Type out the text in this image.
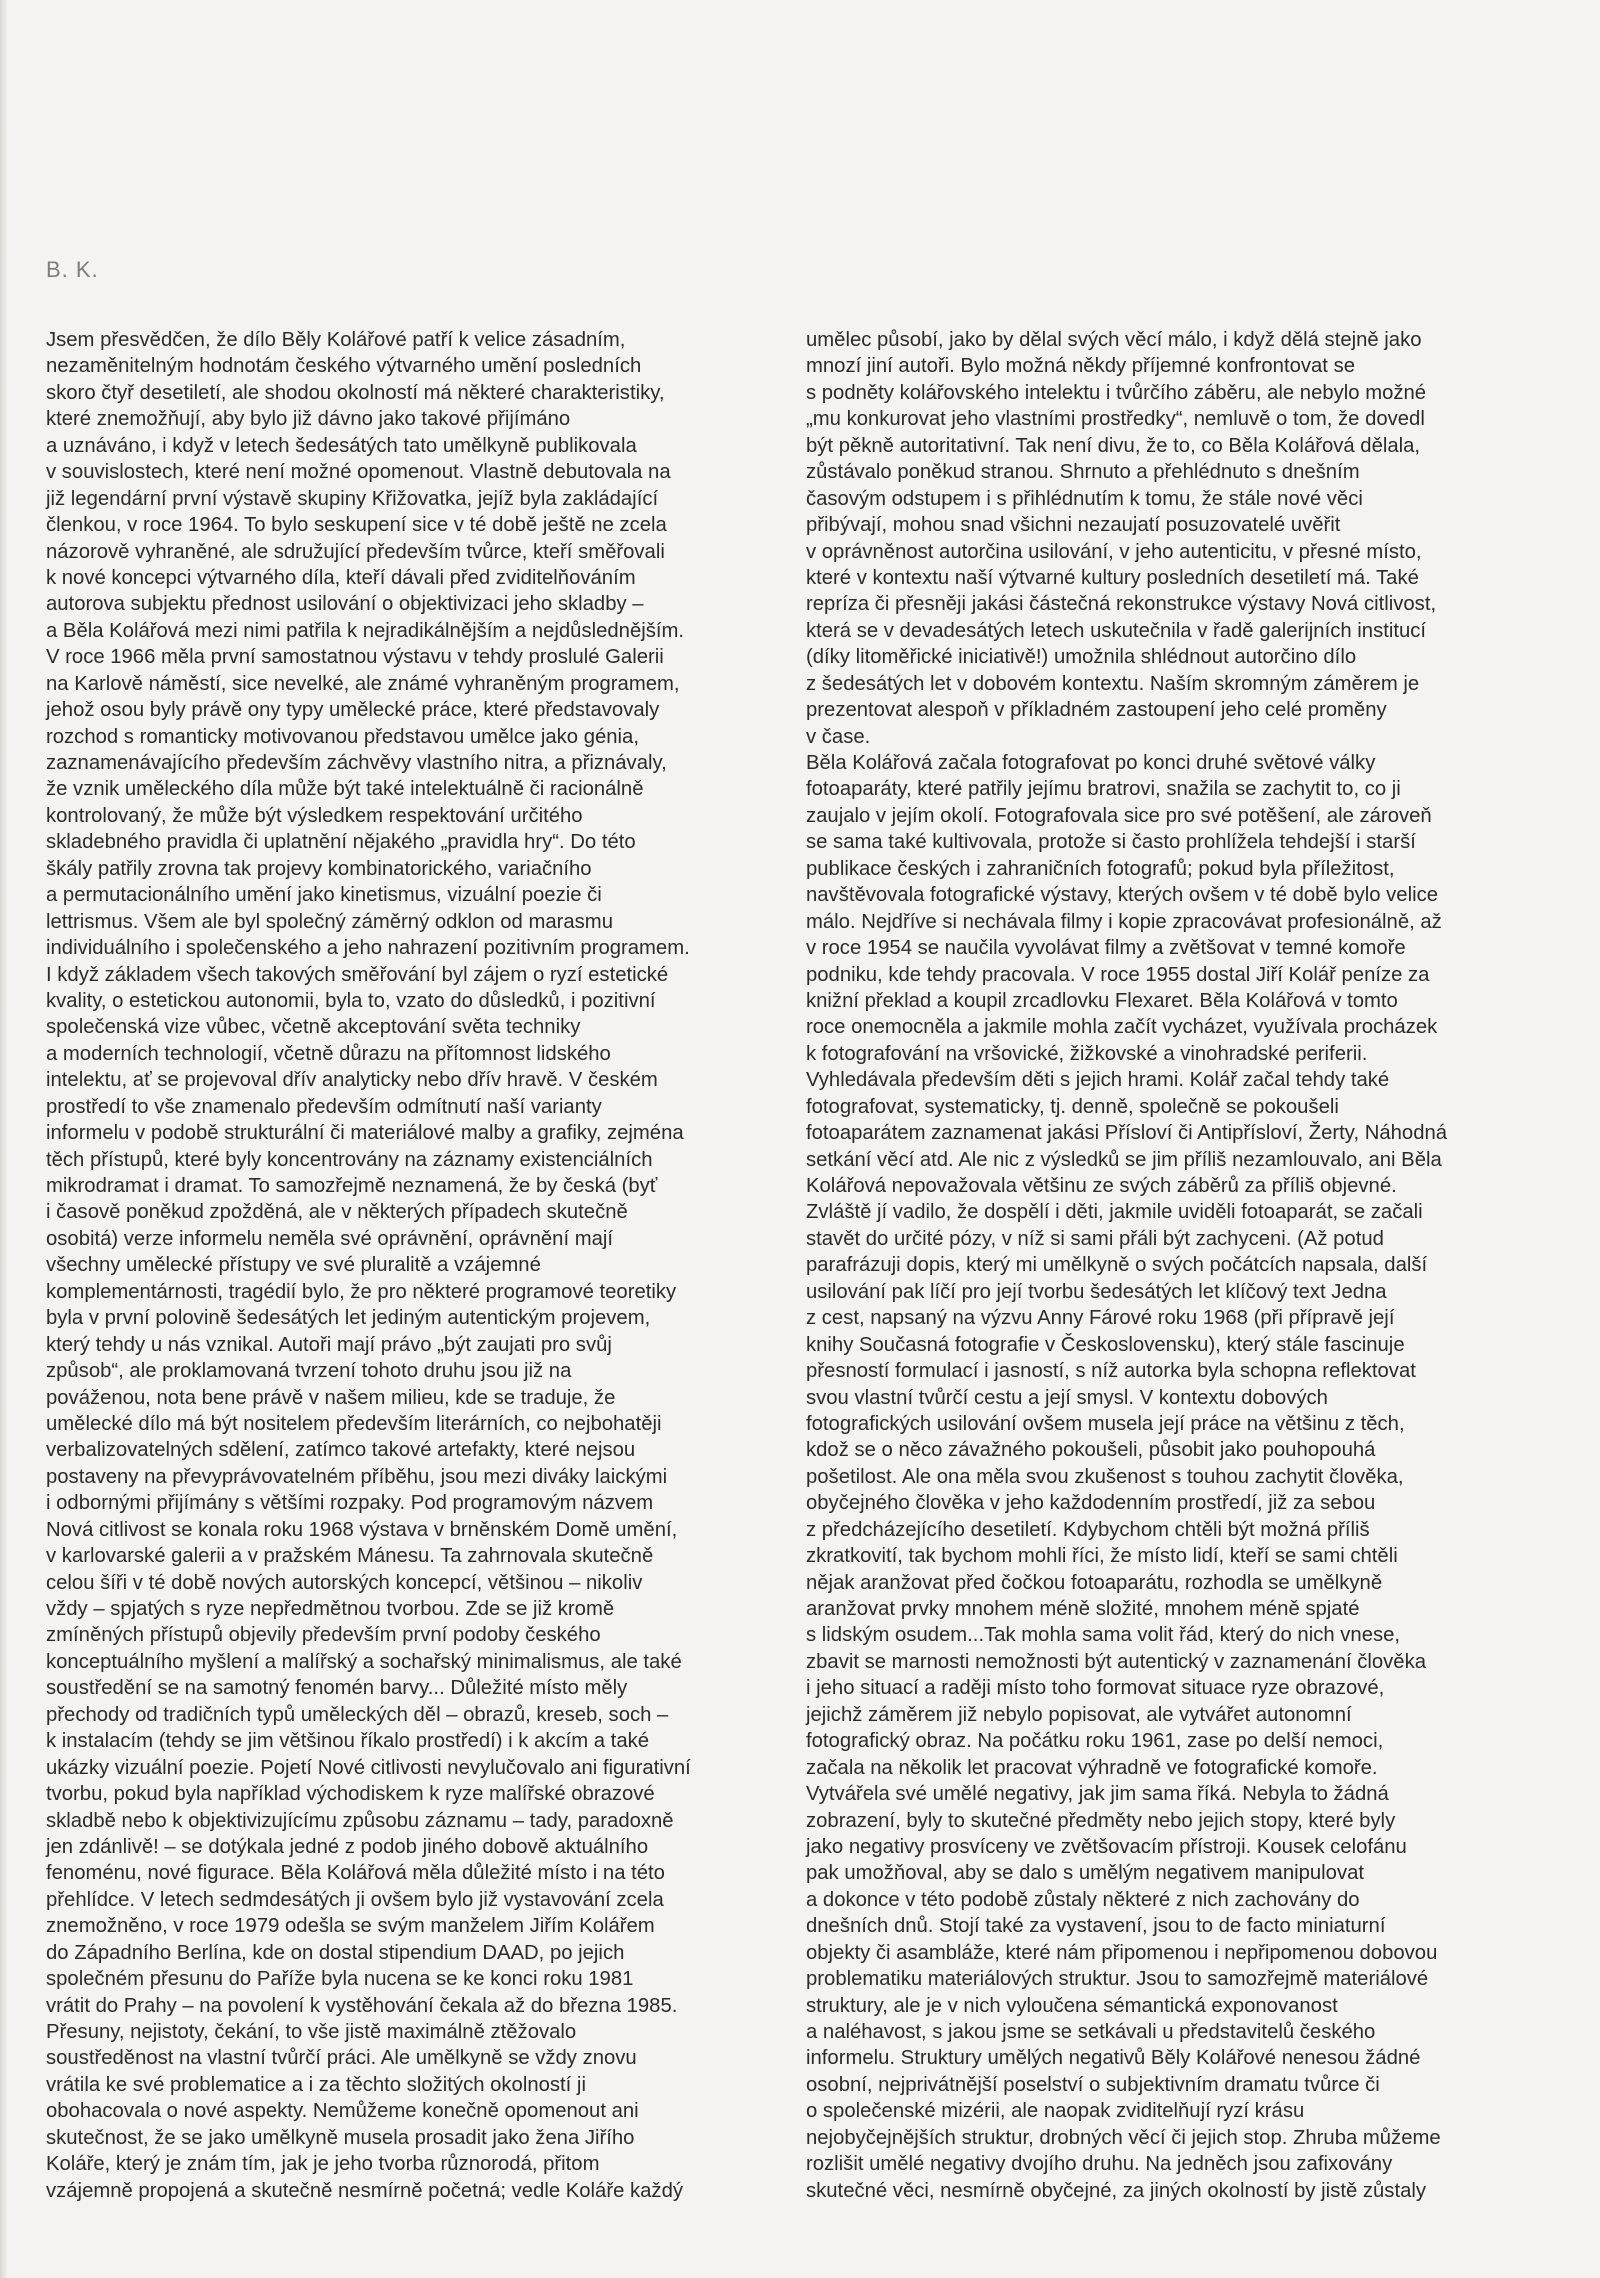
B. K.
Jsem přesvědčen, že dílo Běly Kolářové patří k velice zásadním,
nezaměnitelným hodnotám českého výtvarného umění posledních
skoro čtyř desetiletí, ale shodou okolností má některé charakteristiky,
které znemožňují, aby bylo již dávno jako takové přijímáno
a uznáváno, i když v letech šedesátých tato umělkyně publikovala
v souvislostech, které není možné opomenout. Vlastně debutovala na
již legendární první výstavě skupiny Křižovatka, jejíž byla zakládající
členkou, v roce 1964. To bylo seskupení sice v té době ještě ne zcela
názorově vyhraněné, ale sdružující především tvůrce, kteří směřovali
k nové koncepci výtvarného díla, kteří dávali před zviditelňováním
autorova subjektu přednost usilování o objektivizaci jeho skladby –
a Běla Kolářová mezi nimi patřila k nejradikálnějším a nejdůslednějším.
V roce 1966 měla první samostatnou výstavu v tehdy proslulé Galerii
na Karlově náměstí, sice nevelké, ale známé vyhraněným programem,
jehož osou byly právě ony typy umělecké práce, které představovaly
rozchod s romanticky motivovanou představou umělce jako génia,
zaznamenávajícího především záchvěvy vlastního nitra, a přiznávaly,
že vznik uměleckého díla může být také intelektuálně či racionálně
kontrolovaný, že může být výsledkem respektování určitého
skladebného pravidla či uplatnění nějakého „pravidla hry“. Do této
škály patřily zrovna tak projevy kombinatorického, variačního
a permutacionálního umění jako kinetismus, vizuální poezie či
lettrismus. Všem ale byl společný záměrný odklon od marasmu
individuálního i společenského a jeho nahrazení pozitivním programem.
I když základem všech takových směřování byl zájem o ryzí estetické
kvality, o estetickou autonomii, byla to, vzato do důsledků, i pozitivní
společenská vize vůbec, včetně akceptování světa techniky
a moderních technologií, včetně důrazu na přítomnost lidského
intelektu, ať se projevoval dřív analyticky nebo dřív hravě. V českém
prostředí to vše znamenalo především odmítnutí naší varianty
informelu v podobě strukturální či materiálové malby a grafiky, zejména
těch přístupů, které byly koncentrovány na záznamy existenciálních
mikrodramat i dramat. To samozřejmě neznamená, že by česká (byť
i časově poněkud zpožděná, ale v některých případech skutečně
osobitá) verze informelu neměla své oprávnění, oprávnění mají
všechny umělecké přístupy ve své pluralitě a vzájemné
komplementárnosti, tragédií bylo, že pro některé programové teoretiky
byla v první polovině šedesátých let jediným autentickým projevem,
který tehdy u nás vznikal. Autoři mají právo „být zaujati pro svůj
způsob“, ale proklamovaná tvrzení tohoto druhu jsou již na
pováženou, nota bene právě v našem milieu, kde se traduje, že
umělecké dílo má být nositelem především literárních, co nejbohatěji
verbalizovatelných sdělení, zatímco takové artefakty, které nejsou
postaveny na převyprávovatelném příběhu, jsou mezi diváky laickými
i odbornými přijímány s většími rozpaky. Pod programovým názvem
Nová citlivost se konala roku 1968 výstava v brněnském Domě umění,
v karlovarské galerii a v pražském Mánesu. Ta zahrnovala skutečně
celou šíři v té době nových autorských koncepcí, většinou – nikoliv
vždy – spjatých s ryze nepředmětnou tvorbou. Zde se již kromě
zmíněných přístupů objevily především první podoby českého
konceptuálního myšlení a malířský a sochařský minimalismus, ale také
soustředění se na samotný fenomén barvy... Důležité místo měly
přechody od tradičních typů uměleckých děl – obrazů, kreseb, soch –
k instalacím (tehdy se jim většinou říkalo prostředí) i k akcím a také
ukázky vizuální poezie. Pojetí Nové citlivosti nevylučovalo ani figurativní
tvorbu, pokud byla například východiskem k ryze malířské obrazové
skladbě nebo k objektivizujícímu způsobu záznamu – tady, paradoxně
jen zdánlivě! – se dotýkala jedné z podob jiného dobově aktuálního
fenoménu, nové figurace. Běla Kolářová měla důležité místo i na této
přehlídce. V letech sedmdesátých ji ovšem bylo již vystavování zcela
znemožněno, v roce 1979 odešla se svým manželem Jiřím Kolářem
do Západního Berlína, kde on dostal stipendium DAAD, po jejich
společném přesunu do Paříže byla nucena se ke konci roku 1981
vrátit do Prahy – na povolení k vystěhování čekala až do března 1985.
Přesuny, nejistoty, čekání, to vše jistě maximálně ztěžovalo
soustředěnost na vlastní tvůrčí práci. Ale umělkyně se vždy znovu
vrátila ke své problematice a i za těchto složitých okolností ji
obohacovala o nové aspekty. Nemůžeme konečně opomenout ani
skutečnost, že se jako umělkyně musela prosadit jako žena Jiřího
Koláře, který je znám tím, jak je jeho tvorba různorodá, přitom
vzájemně propojená a skutečně nesmírně početná; vedle Koláře každý
umělec působí, jako by dělal svých věcí málo, i když dělá stejně jako
mnozí jiní autoři. Bylo možná někdy příjemné konfrontovat se
s podněty kolářovského intelektu i tvůrčího záběru, ale nebylo možné
„mu konkurovat jeho vlastními prostředky“, nemluvě o tom, že dovedl
být pěkně autoritativní. Tak není divu, že to, co Běla Kolářová dělala,
zůstávalo poněkud stranou. Shrnuto a přehlédnuto s dnešním
časovým odstupem i s přihlédnutím k tomu, že stále nové věci
přibývají, mohou snad všichni nezaujatí posuzovatelé uvěřit
v oprávněnost autorčina usilování, v jeho autenticitu, v přesné místo,
které v kontextu naší výtvarné kultury posledních desetiletí má. Také
repríza či přesněji jakási částečná rekonstrukce výstavy Nová citlivost,
která se v devadesátých letech uskutečnila v řadě galerijních institucí
(díky litoměřické iniciativě!) umožnila shlédnout autorčino dílo
z šedesátých let v dobovém kontextu. Naším skromným záměrem je
prezentovat alespoň v příkladném zastoupení jeho celé proměny
v čase.
Běla Kolářová začala fotografovat po konci druhé světové války
fotoaparáty, které patřily jejímu bratrovi, snažila se zachytit to, co ji
zaujalo v jejím okolí. Fotografovala sice pro své potěšení, ale zároveň
se sama také kultivovala, protože si často prohlížela tehdejší i starší
publikace českých i zahraničních fotografů; pokud byla příležitost,
navštěvovala fotografické výstavy, kterých ovšem v té době bylo velice
málo. Nejdříve si nechávala filmy i kopie zpracovávat profesionálně, až
v roce 1954 se naučila vyvolávat filmy a zvětšovat v temné komoře
podniku, kde tehdy pracovala. V roce 1955 dostal Jiří Kolář peníze za
knižní překlad a koupil zrcadlovku Flexaret. Běla Kolářová v tomto
roce onemocněla a jakmile mohla začít vycházet, využívala procházek
k fotografování na vršovické, žižkovské a vinohradské periferii.
Vyhledávala především děti s jejich hrami. Kolář začal tehdy také
fotografovat, systematicky, tj. denně, společně se pokoušeli
fotoaparátem zaznamenat jakási Přísloví či Antipřísloví, Žerty, Náhodná
setkání věcí atd. Ale nic z výsledků se jim příliš nezamlouvalo, ani Běla
Kolářová nepovažovala většinu ze svých záběrů za příliš objevné.
Zvláště jí vadilo, že dospělí i děti, jakmile uviděli fotoaparát, se začali
stavět do určité pózy, v níž si sami přáli být zachyceni. (Až potud
parafrázuji dopis, který mi umělkyně o svých počátcích napsala, další
usilování pak líčí pro její tvorbu šedesátých let klíčový text Jedna
z cest, napsaný na výzvu Anny Fárové roku 1968 (při přípravě její
knihy Současná fotografie v Československu), který stále fascinuje
přesností formulací i jasností, s níž autorka byla schopna reflektovat
svou vlastní tvůrčí cestu a její smysl. V kontextu dobových
fotografických usilování ovšem musela její práce na většinu z těch,
kdož se o něco závažného pokoušeli, působit jako pouhopouhá
pošetilost. Ale ona měla svou zkušenost s touhou zachytit člověka,
obyčejného člověka v jeho každodenním prostředí, již za sebou
z předcházejícího desetiletí. Kdybychom chtěli být možná příliš
zkratkovití, tak bychom mohli říci, že místo lidí, kteří se sami chtěli
nějak aranžovat před čočkou fotoaparátu, rozhodla se umělkyně
aranžovat prvky mnohem méně složité, mnohem méně spjaté
s lidským osudem...Tak mohla sama volit řád, který do nich vnese,
zbavit se marnosti nemožnosti být autentický v zaznamenání člověka
i jeho situací a raději místo toho formovat situace ryze obrazové,
jejichž záměrem již nebylo popisovat, ale vytvářet autonomní
fotografický obraz. Na počátku roku 1961, zase po delší nemoci,
začala na několik let pracovat výhradně ve fotografické komoře.
Vytvářela své umělé negativy, jak jim sama říká. Nebyla to žádná
zobrazení, byly to skutečné předměty nebo jejich stopy, které byly
jako negativy prosvíceny ve zvětšovacím přístroji. Kousek celofánu
pak umožňoval, aby se dalo s umělým negativem manipulovat
a dokonce v této podobě zůstaly některé z nich zachovány do
dnešních dnů. Stojí také za vystavení, jsou to de facto miniaturní
objekty či asambláže, které nám připomenou i nepřipomenou dobovou
problematiku materiálových struktur. Jsou to samozřejmě materiálové
struktury, ale je v nich vyloučena sémantická exponovanost
a naléhavost, s jakou jsme se setkávali u představitelů českého
informelu. Struktury umělých negativů Běly Kolářové nenesou žádné
osobní, nejprivátnější poselství o subjektivním dramatu tvůrce či
o společenské mizérii, ale naopak zviditelňují ryzí krásu
nejobyčejnějších struktur, drobných věcí či jejich stop. Zhruba můžeme
rozlišit umělé negativy dvojího druhu. Na jedněch jsou zafixovány
skutečné věci, nesmírně obyčejné, za jiných okolností by jistě zůstaly
